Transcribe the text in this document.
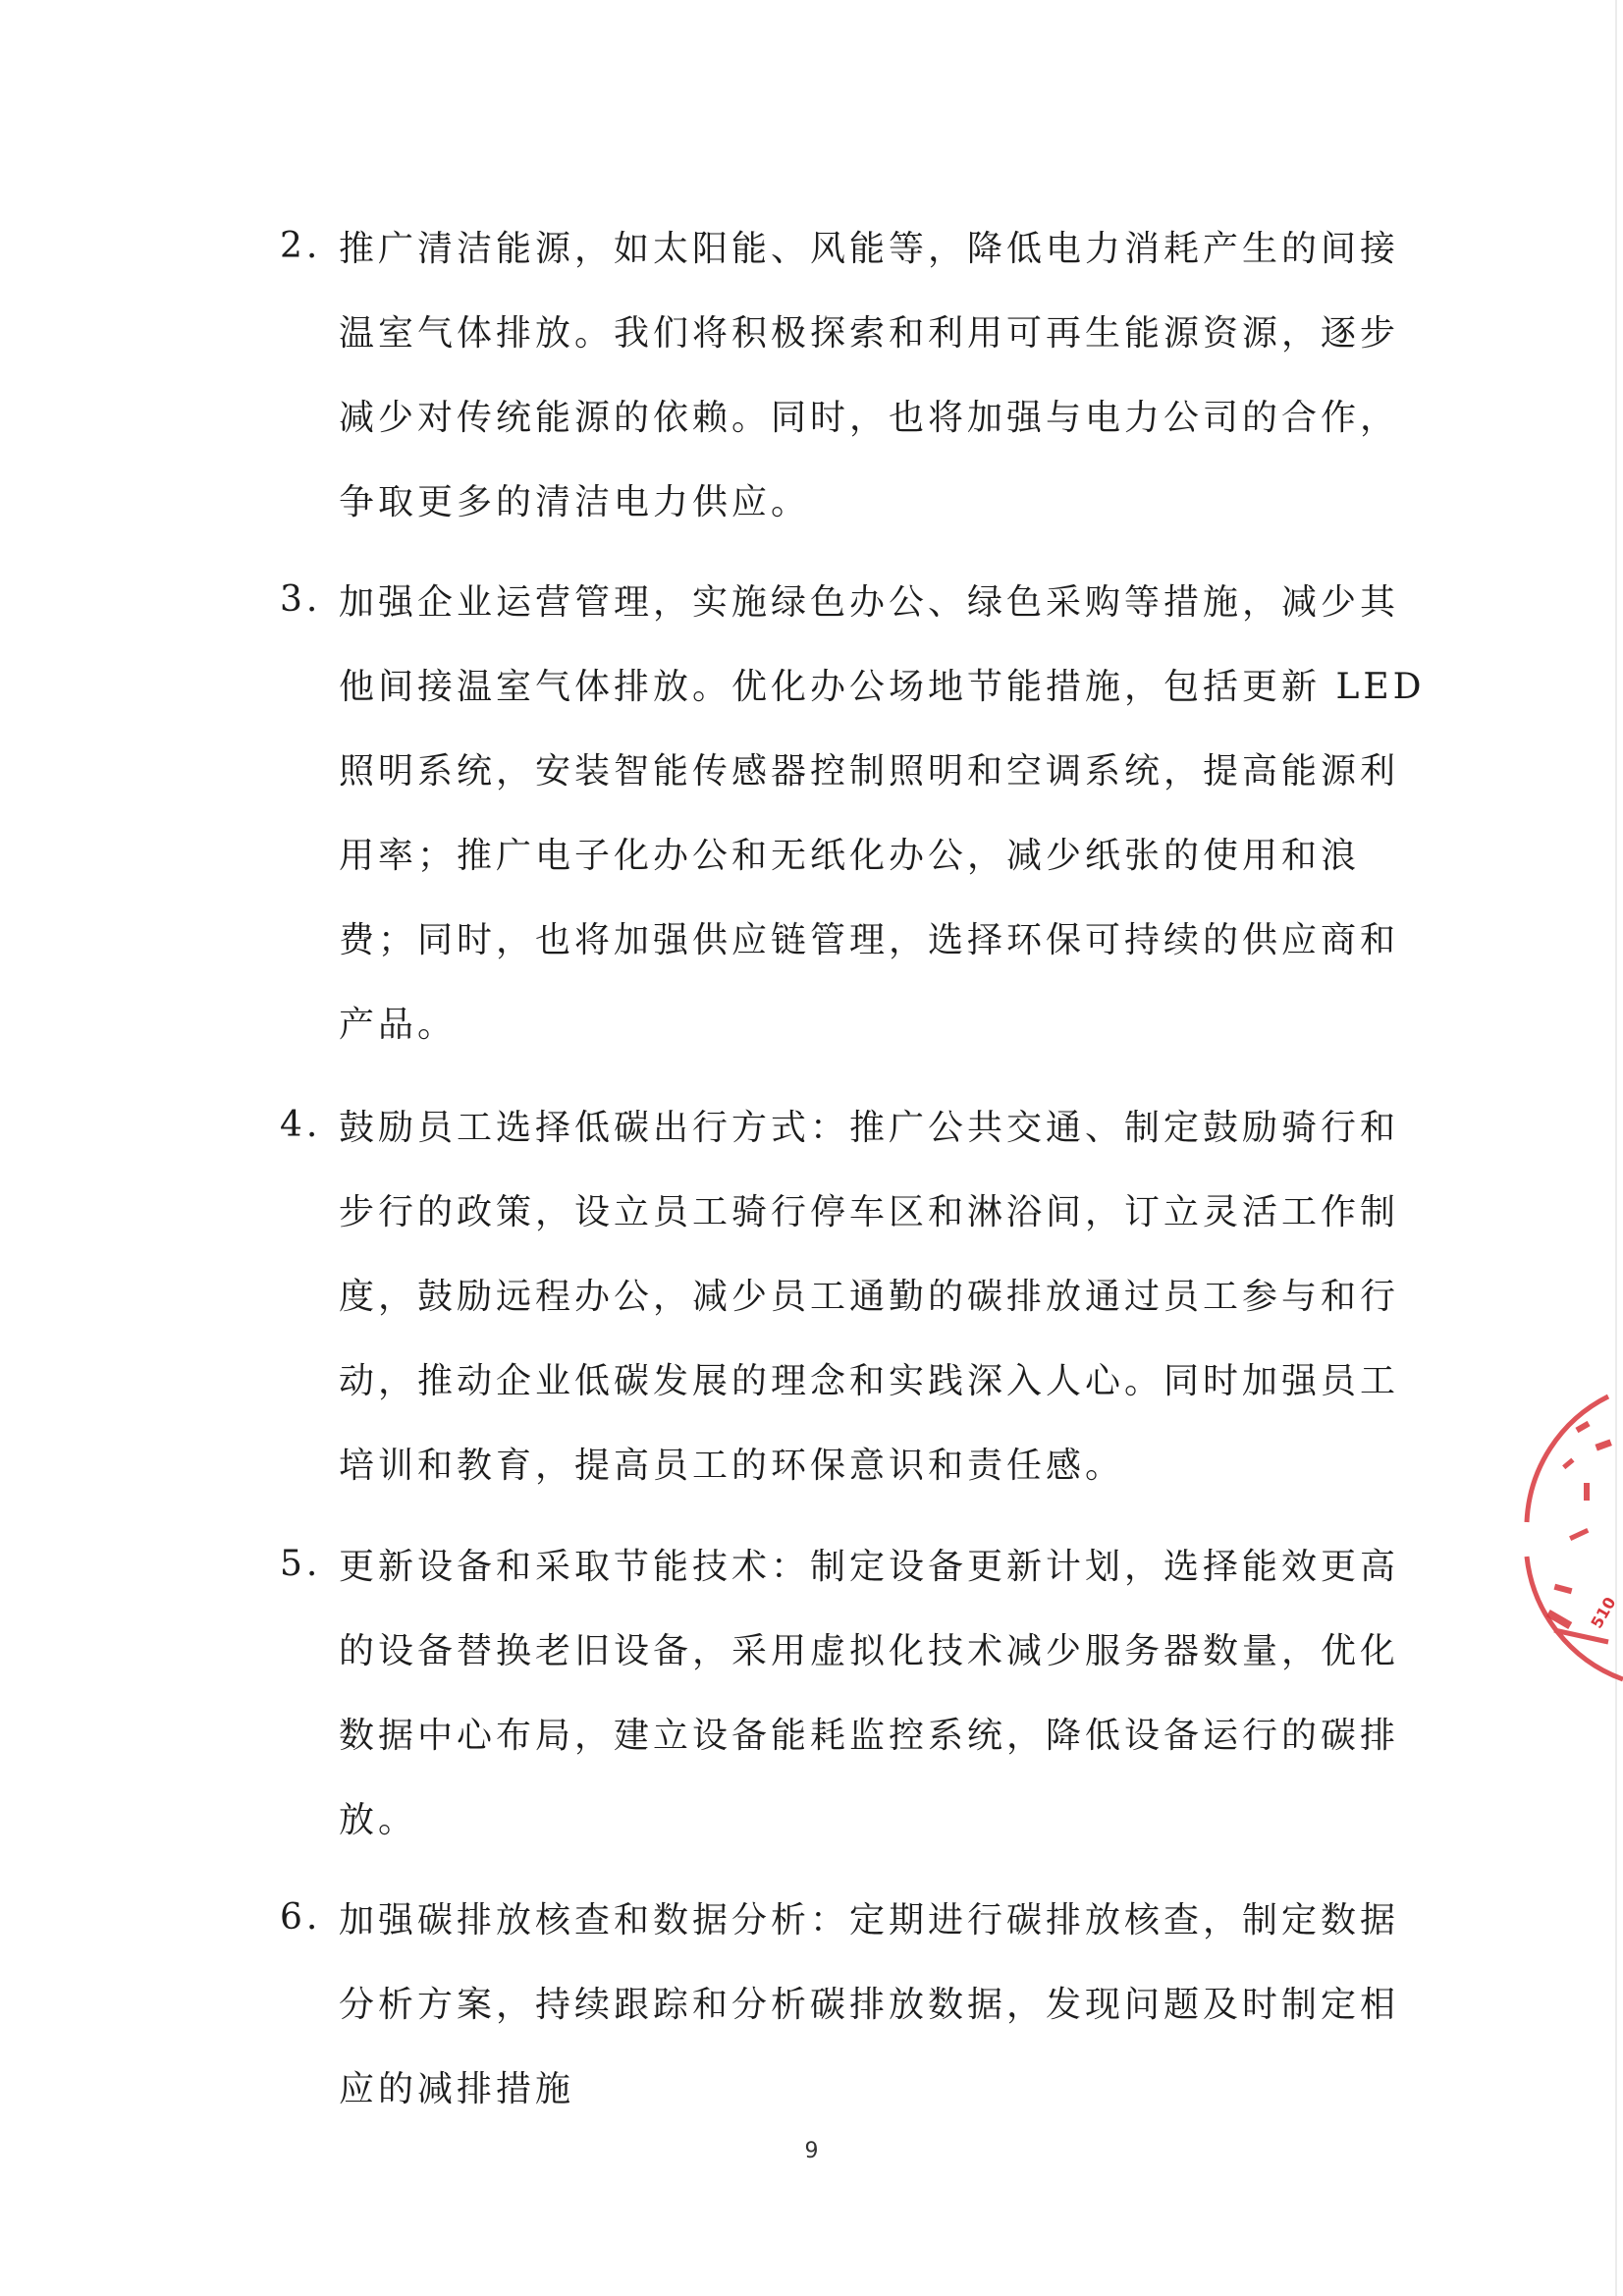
2. 推广清洁能源，如太阳能、风能等，降低电力消耗产生的间接
温室气体排放。我们将积极探索和利用可再生能源资源，逐步
减少对传统能源的依赖。同时，也将加强与电力公司的合作，
争取更多的清洁电力供应。
3. 加强企业运营管理，实施绿色办公、绿色采购等措施，减少其
他间接温室气体排放。优化办公场地节能措施，包括更新 LED
照明系统，安装智能传感器控制照明和空调系统，提高能源利
用率；推广电子化办公和无纸化办公，减少纸张的使用和浪
费；同时，也将加强供应链管理，选择环保可持续的供应商和
产品。
4. 鼓励员工选择低碳出行方式：推广公共交通、制定鼓励骑行和
步行的政策，设立员工骑行停车区和淋浴间，订立灵活工作制
度，鼓励远程办公，减少员工通勤的碳排放通过员工参与和行
动，推动企业低碳发展的理念和实践深入人心。同时加强员工
培训和教育，提高员工的环保意识和责任感。
5. 更新设备和采取节能技术：制定设备更新计划，选择能效更高
的设备替换老旧设备，采用虚拟化技术减少服务器数量，优化
数据中心布局，建立设备能耗监控系统，降低设备运行的碳排
放。
6. 加强碳排放核查和数据分析：定期进行碳排放核查，制定数据
分析方案，持续跟踪和分析碳排放数据，发现问题及时制定相
应的减排措施
9
510
